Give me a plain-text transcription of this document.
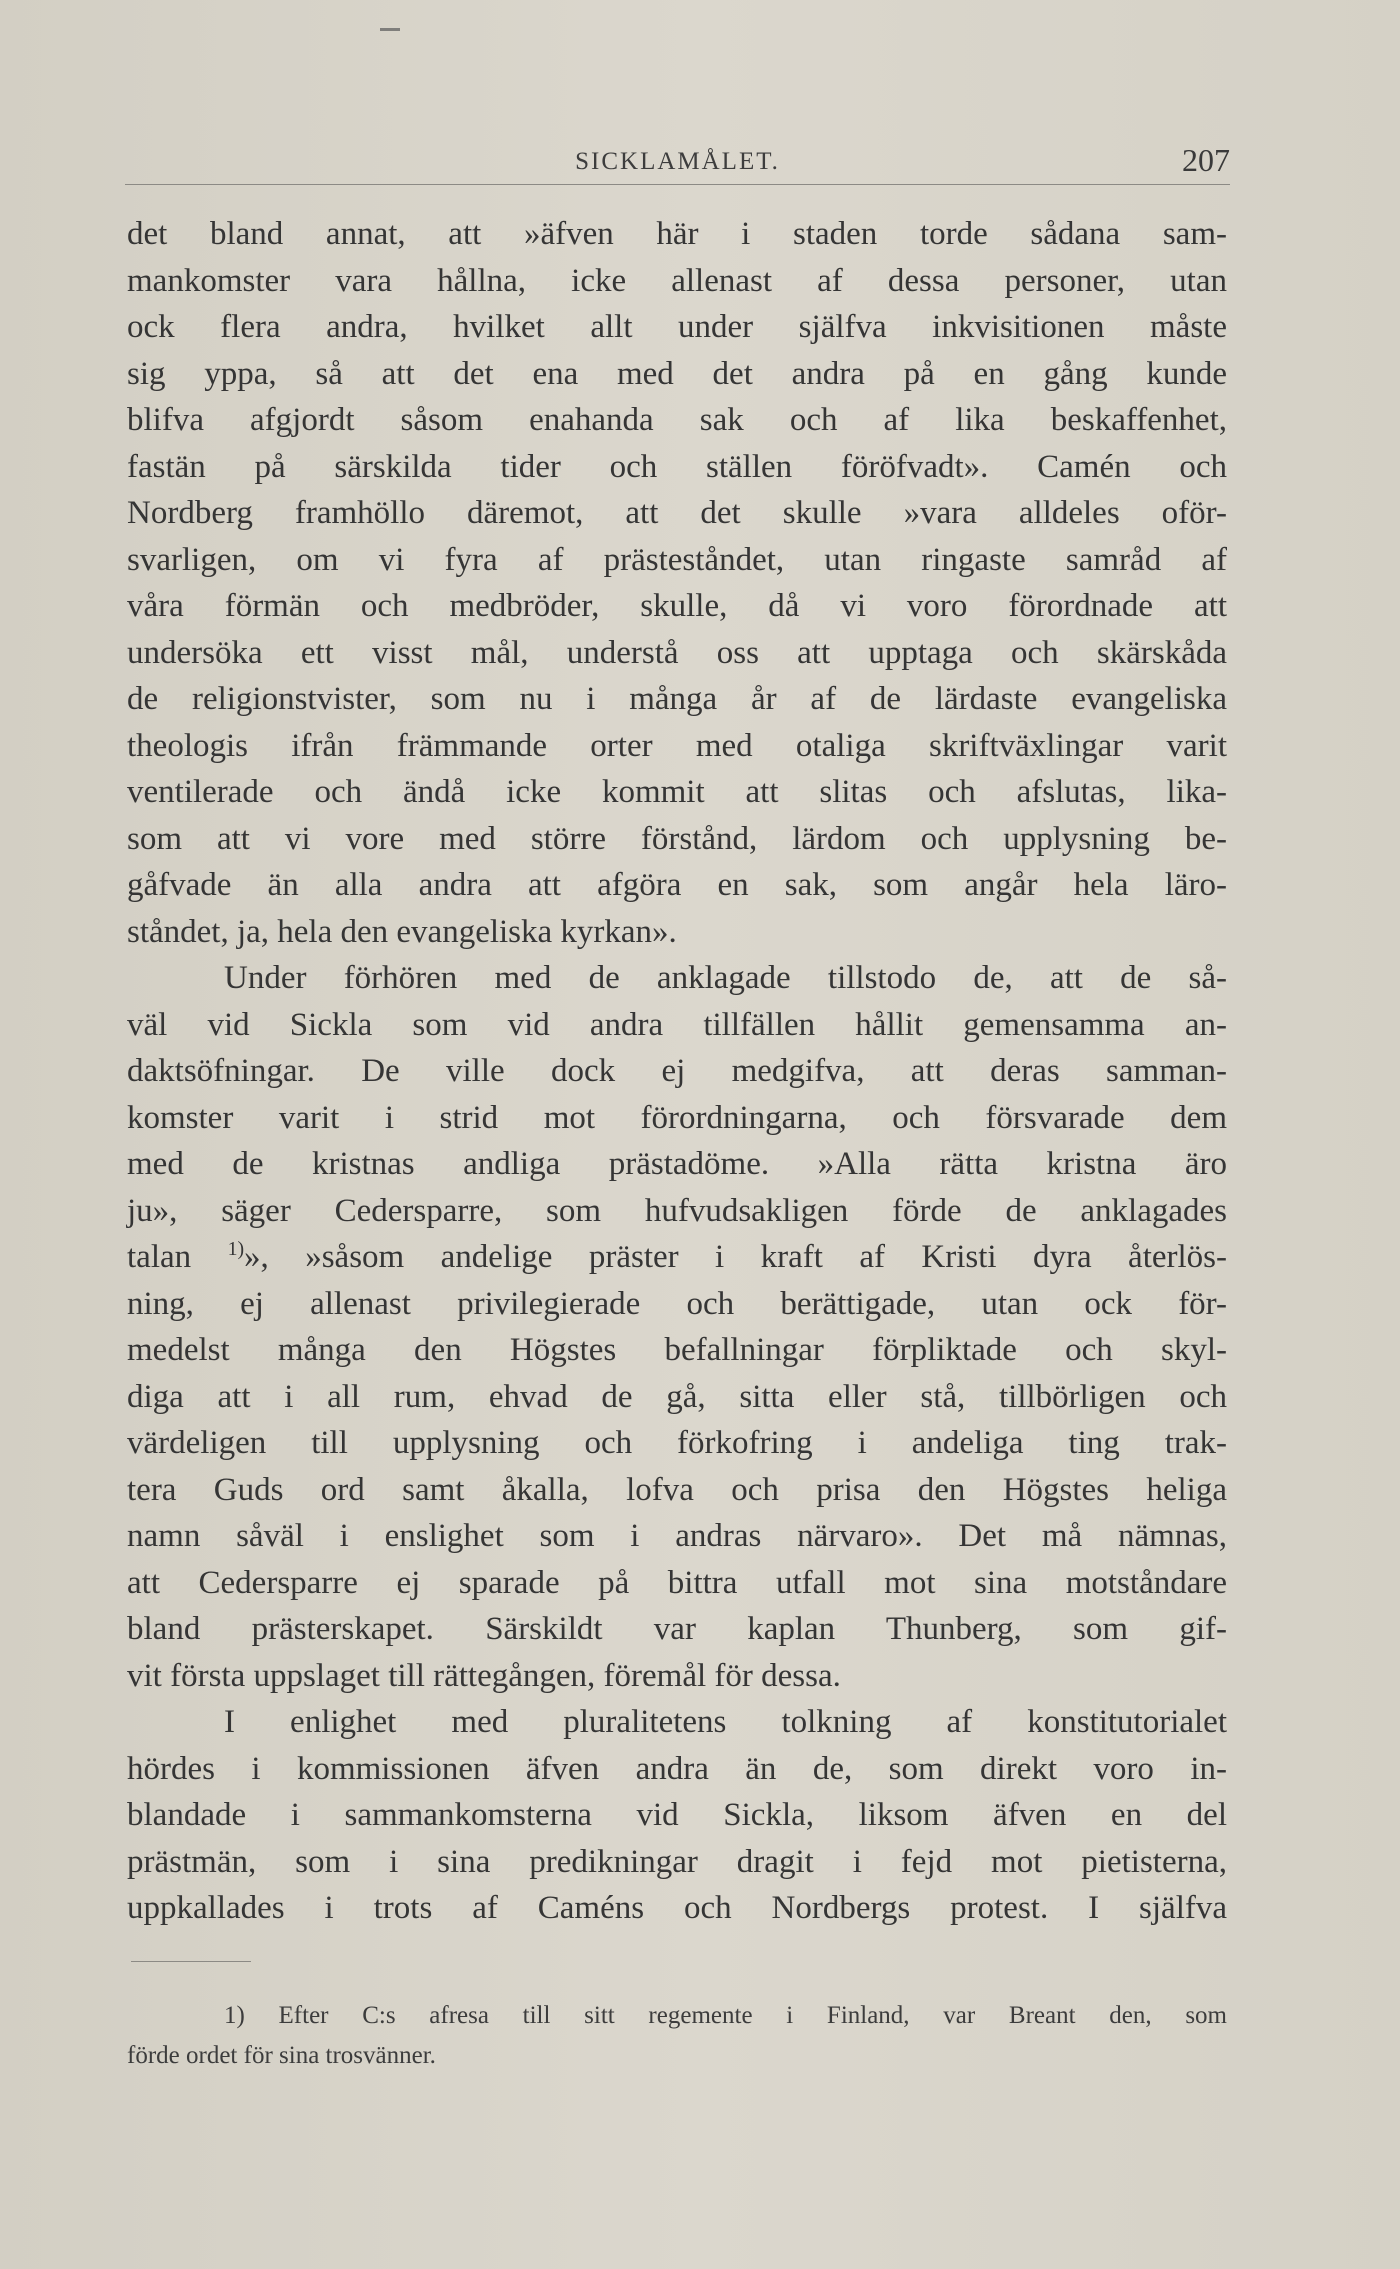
SICKLAMÅLET.	207
det bland annat, att »äfven här i staden torde sådana sam-
mankomster vara hållna, icke allenast af dessa personer, utan
ock flera andra, hvilket allt under själfva inkvisitionen måste
sig yppa, så att det ena med det andra på en gång kunde
blifva afgjordt såsom enahanda sak och af lika beskaffenhet,
fastän på särskilda tider och ställen föröfvadt». Camén och
Nordberg framhöllo däremot, att det skulle »vara alldeles oför-
svarligen, om vi fyra af prästeståndet, utan ringaste samråd af
våra förmän och medbröder, skulle, då vi voro förordnade att
undersöka ett visst mål, understå oss att upptaga och skärskåda
de religionstvister, som nu i många år af de lärdaste evangeliska
theologis ifrån främmande orter med otaliga skriftväxlingar varit
ventilerade och ändå icke kommit att slitas och afslutas, lika-
som att vi vore med större förstånd, lärdom och upplysning be-
gåfvade än alla andra att afgöra en sak, som angår hela läro-
ståndet, ja, hela den evangeliska kyrkan».
Under förhören med de anklagade tillstodo de, att de så-
väl vid Sickla som vid andra tillfällen hållit gemensamma an-
daktsöfningar. De ville dock ej medgifva, att deras samman-
komster varit i strid mot förordningarna, och försvarade dem
med de kristnas andliga prästadöme. »Alla rätta kristna äro
ju», säger Cedersparre, som hufvudsakligen förde de anklagades
talan $^{1)}$», »såsom andelige präster i kraft af Kristi dyra återlös-
ning, ej allenast privilegierade och berättigade, utan ock för-
medelst många den Högstes befallningar förpliktade och skyl-
diga att i all rum, ehvad de gå, sitta eller stå, tillbörligen och
värdeligen till upplysning och förkofring i andeliga ting trak-
tera Guds ord samt åkalla, lofva och prisa den Högstes heliga
namn såväl i enslighet som i andras närvaro». Det må nämnas,
att Cedersparre ej sparade på bittra utfall mot sina motståndare
bland prästerskapet. Särskildt var kaplan Thunberg, som gif-
vit första uppslaget till rättegången, föremål för dessa.
I enlighet med pluralitetens tolkning af konstitutorialet
hördes i kommissionen äfven andra än de, som direkt voro in-
blandade i sammankomsterna vid Sickla, liksom äfven en del
prästmän, som i sina predikningar dragit i fejd mot pietisterna,
uppkallades i trots af Caméns och Nordbergs protest. I själfva
1) Efter C:s afresa till sitt regemente i Finland, var Breant den, som
förde ordet för sina trosvänner.
